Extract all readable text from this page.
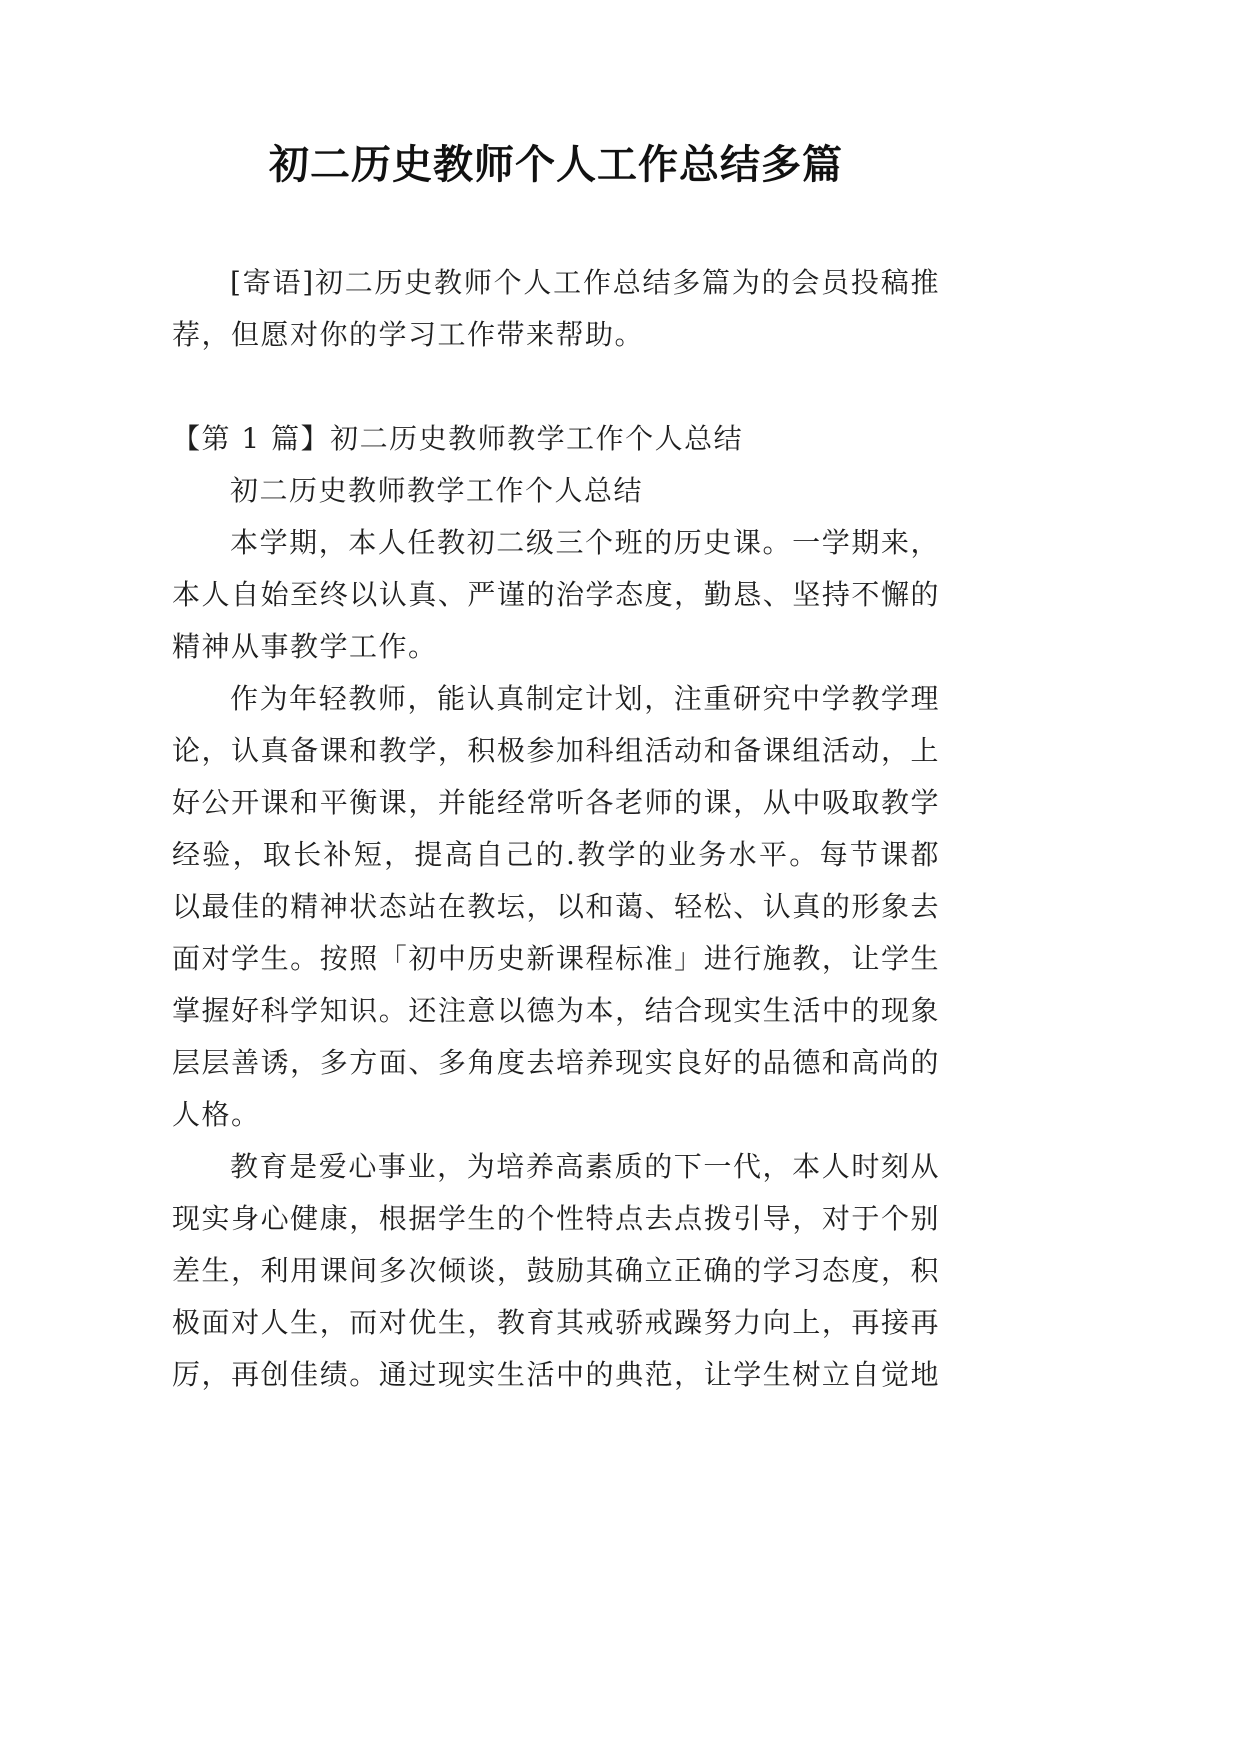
初二历史教师个人工作总结多篇
[寄语]初二历史教师个人工作总结多篇为的会员投稿推
荐，但愿对你的学习工作带来帮助。
【第 1 篇】初二历史教师教学工作个人总结
初二历史教师教学工作个人总结
本学期，本人任教初二级三个班的历史课。一学期来，
本人自始至终以认真、严谨的治学态度，勤恳、坚持不懈的
精神从事教学工作。
作为年轻教师，能认真制定计划，注重研究中学教学理
论，认真备课和教学，积极参加科组活动和备课组活动，上
好公开课和平衡课，并能经常听各老师的课，从中吸取教学
经验，取长补短，提高自己的.教学的业务水平。每节课都
以最佳的精神状态站在教坛，以和蔼、轻松、认真的形象去
面对学生。按照「初中历史新课程标准」进行施教，让学生
掌握好科学知识。还注意以德为本，结合现实生活中的现象
层层善诱，多方面、多角度去培养现实良好的品德和高尚的
人格。
教育是爱心事业，为培养高素质的下一代，本人时刻从
现实身心健康，根据学生的个性特点去点拨引导，对于个别
差生，利用课间多次倾谈，鼓励其确立正确的学习态度，积
极面对人生，而对优生，教育其戒骄戒躁努力向上，再接再
厉，再创佳绩。通过现实生活中的典范，让学生树立自觉地
